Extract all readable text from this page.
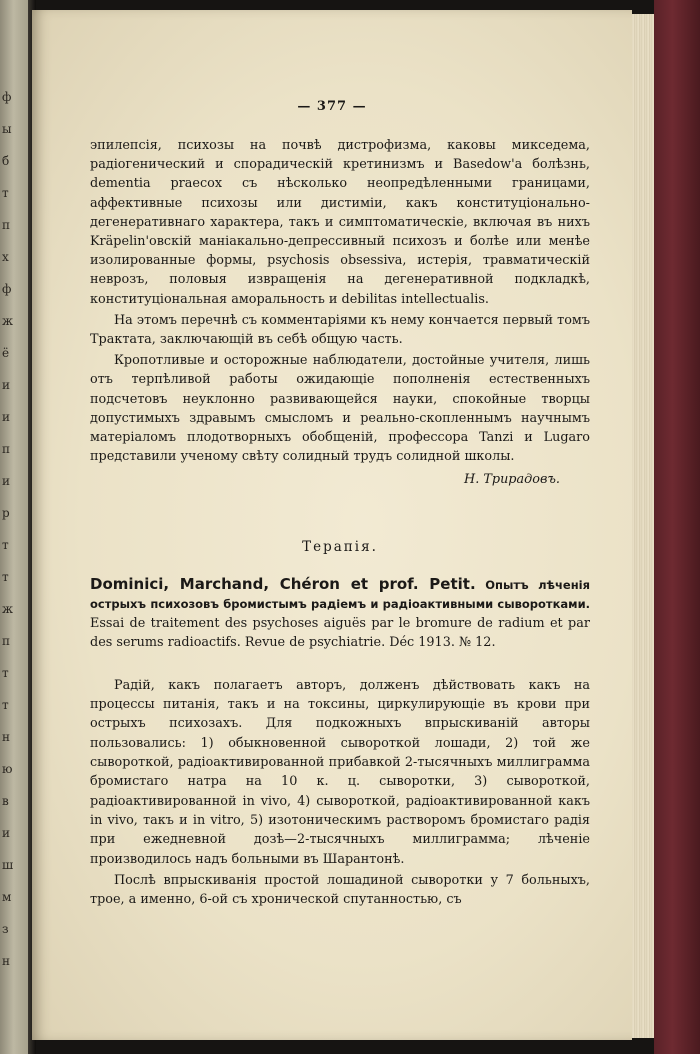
ф
ы
б
т
п
х
ф
ж
ё
и
и
п
и
р
т
т
ж
п
т
т
н
ю
в
и
ш
м
з
н
— 377 —

эпилепсія, психозы на почвѣ дистрофизма, каковы микседема, радіогенический и спорадическій кретинизмъ и Basedow'а болѣзнь, dementia praecox съ нѣсколько неопредѣленными границами, аффективные психозы или дистиміи, какъ конституціонально-дегенеративнаго характера, такъ и симптоматическіе, включая въ нихъ Kräpelin'овскій маніакально-депрессивный психозъ и болѣе или менѣе изолированные формы, psychosis obsessiva, истерія, травматическій неврозъ, половыя извращенія на дегенеративной подкладкѣ, конституціональная аморальность и debilitas intellectualis.

На этомъ перечнѣ съ комментаріями къ нему кончается первый томъ Трактата, заключающій въ себѣ общую часть.

Кропотливые и осторожные наблюдатели, достойные учителя, лишь отъ терпѣливой работы ожидающіе пополненія естественныхъ подсчетовъ неуклонно развивающейся науки, спокойные творцы допустимыхъ здравымъ смысломъ и реально-скопленнымъ научнымъ матеріаломъ плодотворныхъ обобщеній, профессора Tanzi и Lugaro представили ученому свѣту солидный трудъ солидной школы.

Н. Трирадовъ.

Терапія.

Dominici, Marchand, Chéron et prof. Petit. Опытъ лѣченія острыхъ психозовъ бромистымъ радіемъ и радіоактивными сыворотками. Essai de traitement des psychoses aiguës par le bromure de radium et par des serums radioactifs. Revue de psychiatrie. Déc 1913. № 12.

Радій, какъ полагаетъ авторъ, долженъ дѣйствовать какъ на процессы питанія, такъ и на токсины, циркулирующіе въ крови при острыхъ психозахъ. Для подкожныхъ впрыскиваній авторы пользовались: 1) обыкновенной сывороткой лошади, 2) той же сывороткой, радіоактивированной прибавкой 2-тысячныхъ миллиграмма бромистаго натра на 10 к. ц. сыворотки, 3) сывороткой, радіоактивированной in vivo, 4) сывороткой, радіоактивированной какъ in vivo, такъ и in vitro, 5) изотоническимъ растворомъ бромистаго радія при ежедневной дозѣ—2-тысячныхъ миллиграмма; лѣченіе производилось надъ больными въ Шарантонѣ.

Послѣ впрыскиванія простой лошадиной сыворотки у 7 больныхъ, трое, а именно, 6-ой съ хронической спутанностью, съ
